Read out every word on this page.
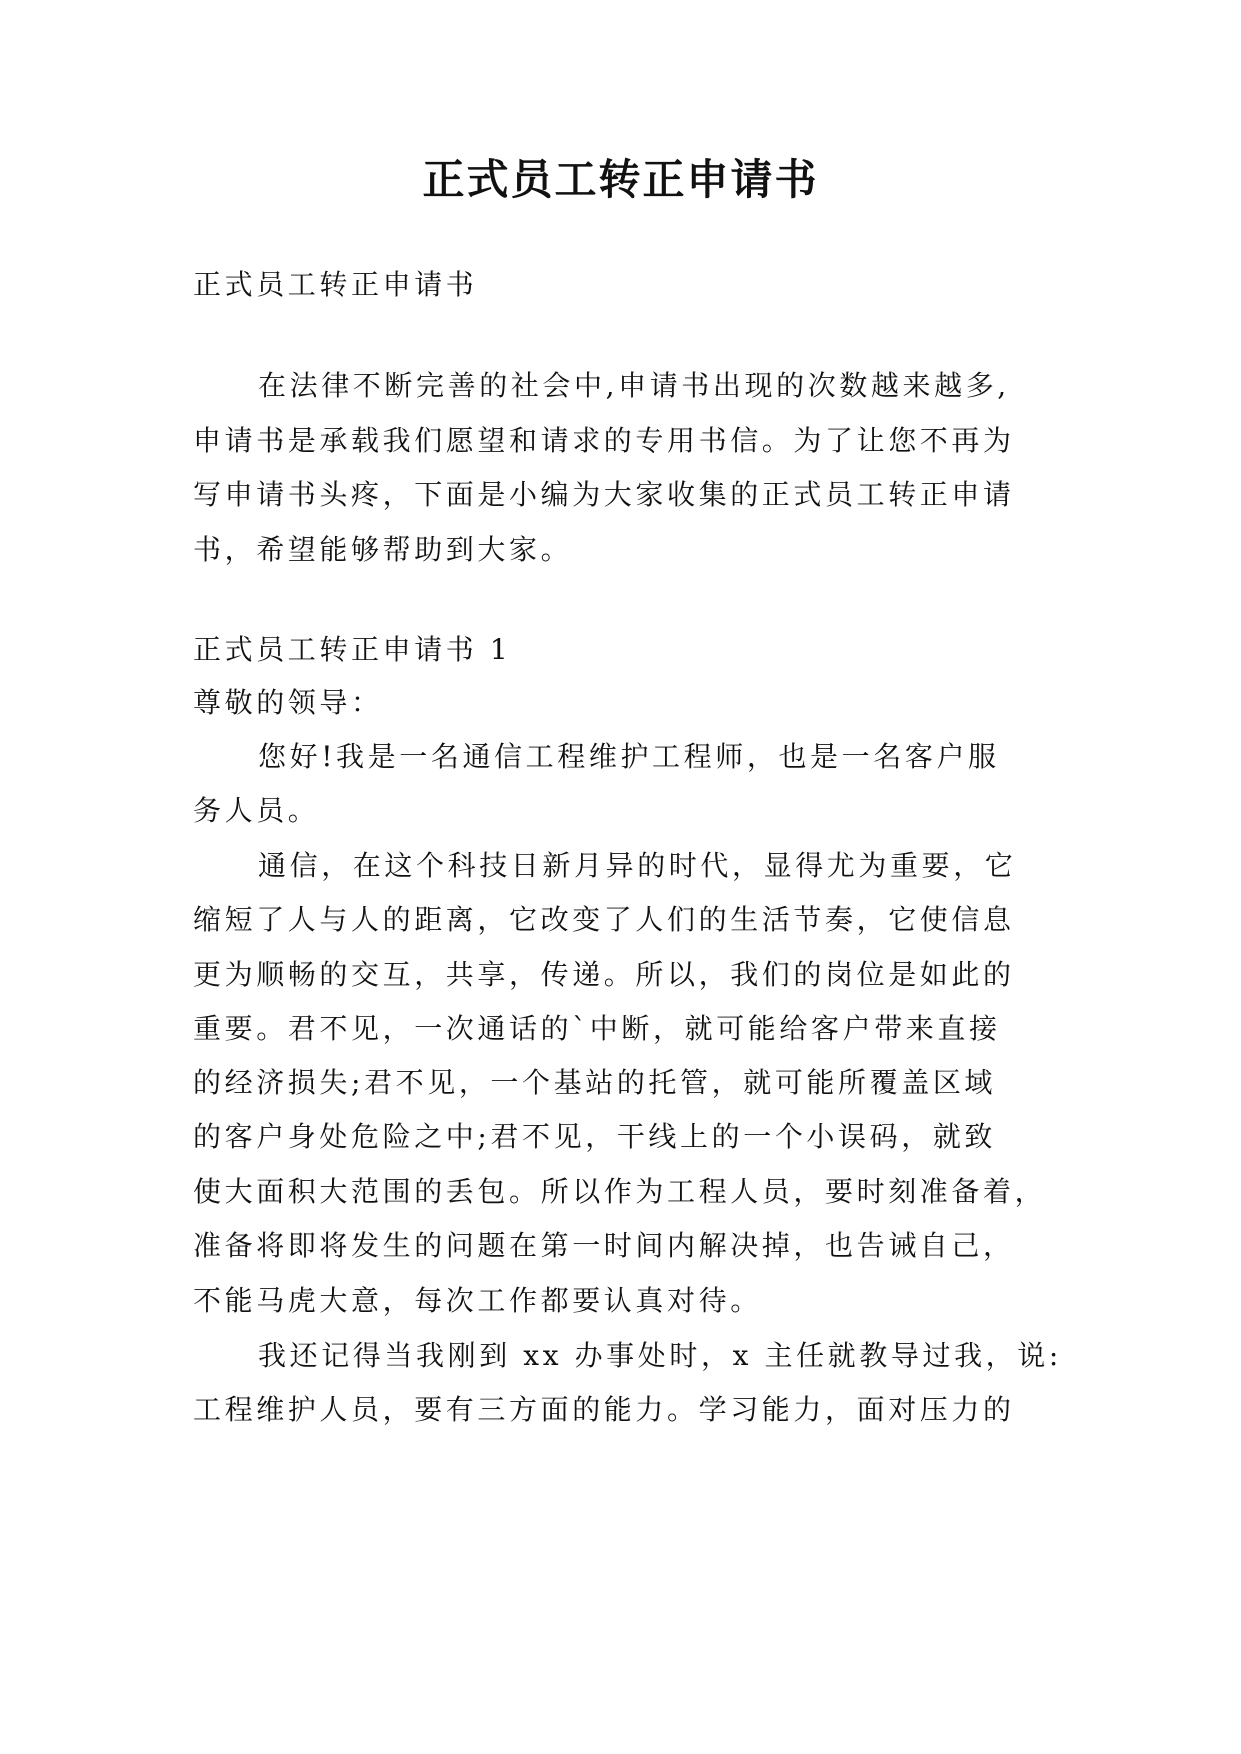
正式员工转正申请书
正式员工转正申请书
在法律不断完善的社会中,申请书出现的次数越来越多,
申请书是承载我们愿望和请求的专用书信。为了让您不再为
写申请书头疼，下面是小编为大家收集的正式员工转正申请
书，希望能够帮助到大家。
正式员工转正申请书 1
尊敬的领导：
您好!我是一名通信工程维护工程师，也是一名客户服
务人员。
通信，在这个科技日新月异的时代，显得尤为重要，它
缩短了人与人的距离，它改变了人们的生活节奏，它使信息
更为顺畅的交互，共享，传递。所以，我们的岗位是如此的
重要。君不见，一次通话的`中断，就可能给客户带来直接
的经济损失;君不见，一个基站的托管，就可能所覆盖区域
的客户身处危险之中;君不见，干线上的一个小误码，就致
使大面积大范围的丢包。所以作为工程人员，要时刻准备着，
准备将即将发生的问题在第一时间内解决掉，也告诫自己，
不能马虎大意，每次工作都要认真对待。
我还记得当我刚到 xx 办事处时，x 主任就教导过我，说:
工程维护人员，要有三方面的能力。学习能力，面对压力的
